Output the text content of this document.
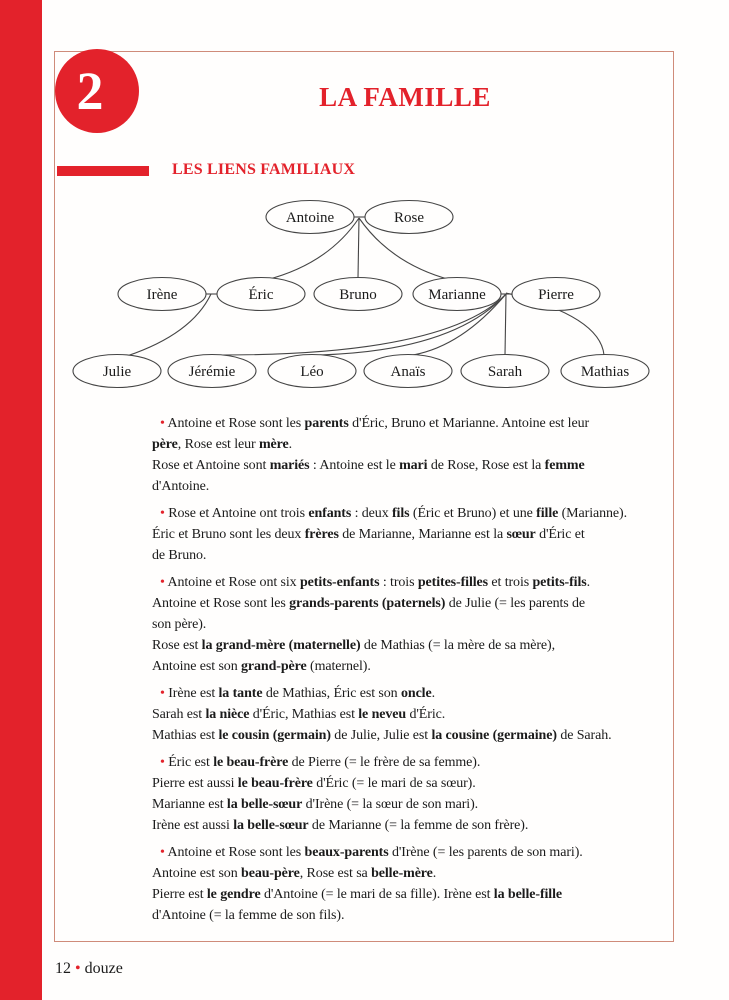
2	LA FAMILLE
LES LIENS FAMILIAUX
Antoine	Rose
Irène	Éric	Bruno	Marianne	Pierre
Julie	Jérémie	Léo	Anaïs	Sarah	Mathias
• Antoine et Rose sont les parents d'Éric, Bruno et Marianne. Antoine est leur
père, Rose est leur mère.
Rose et Antoine sont mariés : Antoine est le mari de Rose, Rose est la femme
d'Antoine.
• Rose et Antoine ont trois enfants : deux fils (Éric et Bruno) et une fille (Marianne).
Éric et Bruno sont les deux frères de Marianne, Marianne est la sœur d'Éric et
de Bruno.
• Antoine et Rose ont six petits-enfants : trois petites-filles et trois petits-fils.
Antoine et Rose sont les grands-parents (paternels) de Julie (= les parents de
son père).
Rose est la grand-mère (maternelle) de Mathias (= la mère de sa mère),
Antoine est son grand-père (maternel).
• Irène est la tante de Mathias, Éric est son oncle.
Sarah est la nièce d'Éric, Mathias est le neveu d'Éric.
Mathias est le cousin (germain) de Julie, Julie est la cousine (germaine) de Sarah.
• Éric est le beau-frère de Pierre (= le frère de sa femme).
Pierre est aussi le beau-frère d'Éric (= le mari de sa sœur).
Marianne est la belle-sœur d'Irène (= la sœur de son mari).
Irène est aussi la belle-sœur de Marianne (= la femme de son frère).
• Antoine et Rose sont les beaux-parents d'Irène (= les parents de son mari).
Antoine est son beau-père, Rose est sa belle-mère.
Pierre est le gendre d'Antoine (= le mari de sa fille). Irène est la belle-fille
d'Antoine (= la femme de son fils).
12 • douze
